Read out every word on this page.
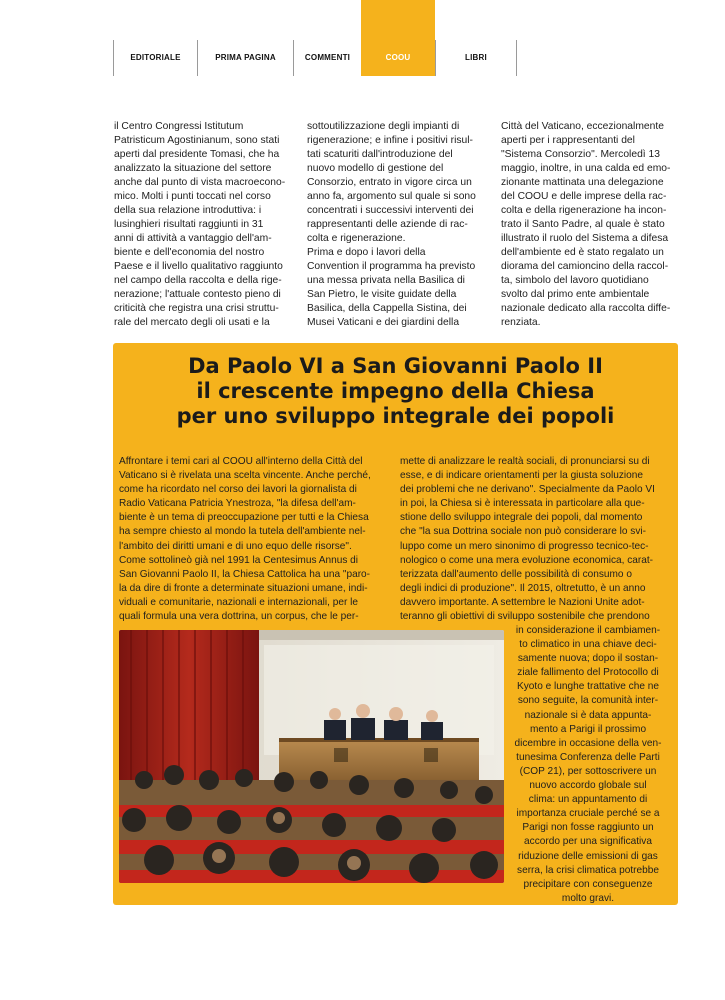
EDITORIALE	PRIMA PAGINA	COMMENTI	COOU	LIBRI
il Centro Congressi Istitutum
Patristicum Agostinianum, sono stati
aperti dal presidente Tomasi, che ha
analizzato la situazione del settore
anche dal punto di vista macroecono-
mico. Molti i punti toccati nel corso
della sua relazione introduttiva: i
lusinghieri risultati raggiunti in 31
anni di attività a vantaggio dell'am-
biente e dell'economia del nostro
Paese e il livello qualitativo raggiunto
nel campo della raccolta e della rige-
nerazione; l'attuale contesto pieno di
criticità che registra una crisi struttu-
rale del mercato degli oli usati e la
sottoutilizzazione degli impianti di
rigenerazione; e infine i positivi risul-
tati scaturiti dall'introduzione del
nuovo modello di gestione del
Consorzio, entrato in vigore circa un
anno fa, argomento sul quale si sono
concentrati i successivi interventi dei
rappresentanti delle aziende di rac-
colta e rigenerazione.
Prima e dopo i lavori della
Convention il programma ha previsto
una messa privata nella Basilica di
San Pietro, le visite guidate della
Basilica, della Cappella Sistina, dei
Musei Vaticani e dei giardini della
Città del Vaticano, eccezionalmente
aperti per i rappresentanti del
"Sistema Consorzio". Mercoledì 13
maggio, inoltre, in una calda ed emo-
zionante mattinata una delegazione
del COOU e delle imprese della rac-
colta e della rigenerazione ha incon-
trato il Santo Padre, al quale è stato
illustrato il ruolo del Sistema a difesa
dell'ambiente ed è stato regalato un
diorama del camioncino della raccol-
ta, simbolo del lavoro quotidiano
svolto dal primo ente ambientale
nazionale dedicato alla raccolta diffe-
renziata.
Da Paolo VI a San Giovanni Paolo II
il crescente impegno della Chiesa
per uno sviluppo integrale dei popoli
Affrontare i temi cari al COOU all'interno della Città del
Vaticano si è rivelata una scelta vincente. Anche perché,
come ha ricordato nel corso dei lavori la giornalista di
Radio Vaticana Patricia Ynestroza, "la difesa dell'am-
biente è un tema di preoccupazione per tutti e la Chiesa
ha sempre chiesto al mondo la tutela dell'ambiente nel-
l'ambito dei diritti umani e di uno equo delle risorse".
Come sottolineò già nel 1991 la Centesimus Annus di
San Giovanni Paolo II, la Chiesa Cattolica ha una "paro-
la da dire di fronte a determinate situazioni umane, indi-
viduali e comunitarie, nazionali e internazionali, per le
quali formula una vera dottrina, un corpus, che le per-
mette di analizzare le realtà sociali, di pronunciarsi su di
esse, e di indicare orientamenti per la giusta soluzione
dei problemi che ne derivano". Specialmente da Paolo VI
in poi, la Chiesa si è interessata in particolare alla que-
stione dello sviluppo integrale dei popoli, dal momento
che "la sua Dottrina sociale non può considerare lo svi-
luppo come un mero sinonimo di progresso tecnico-tec-
nologico o come una mera evoluzione economica, carat-
terizzata dall'aumento delle possibilità di consumo o
degli indici di produzione". Il 2015, oltretutto, è un anno
davvero importante. A settembre le Nazioni Unite adot-
teranno gli obiettivi di sviluppo sostenibile che prendono
in considerazione il cambiamen-
to climatico in una chiave deci-
samente nuova; dopo il sostan-
ziale fallimento del Protocollo di
Kyoto e lunghe trattative che ne
sono seguite, la comunità inter-
nazionale si è data appunta-
mento a Parigi il prossimo
dicembre in occasione della ven-
tunesima Conferenza delle Parti
(COP 21), per sottoscrivere un
nuovo accordo globale sul
clima: un appuntamento di
importanza cruciale perché se a
Parigi non fosse raggiunto un
accordo per una significativa
riduzione delle emissioni di gas
serra, la crisi climatica potrebbe
precipitare con conseguenze
molto gravi.
